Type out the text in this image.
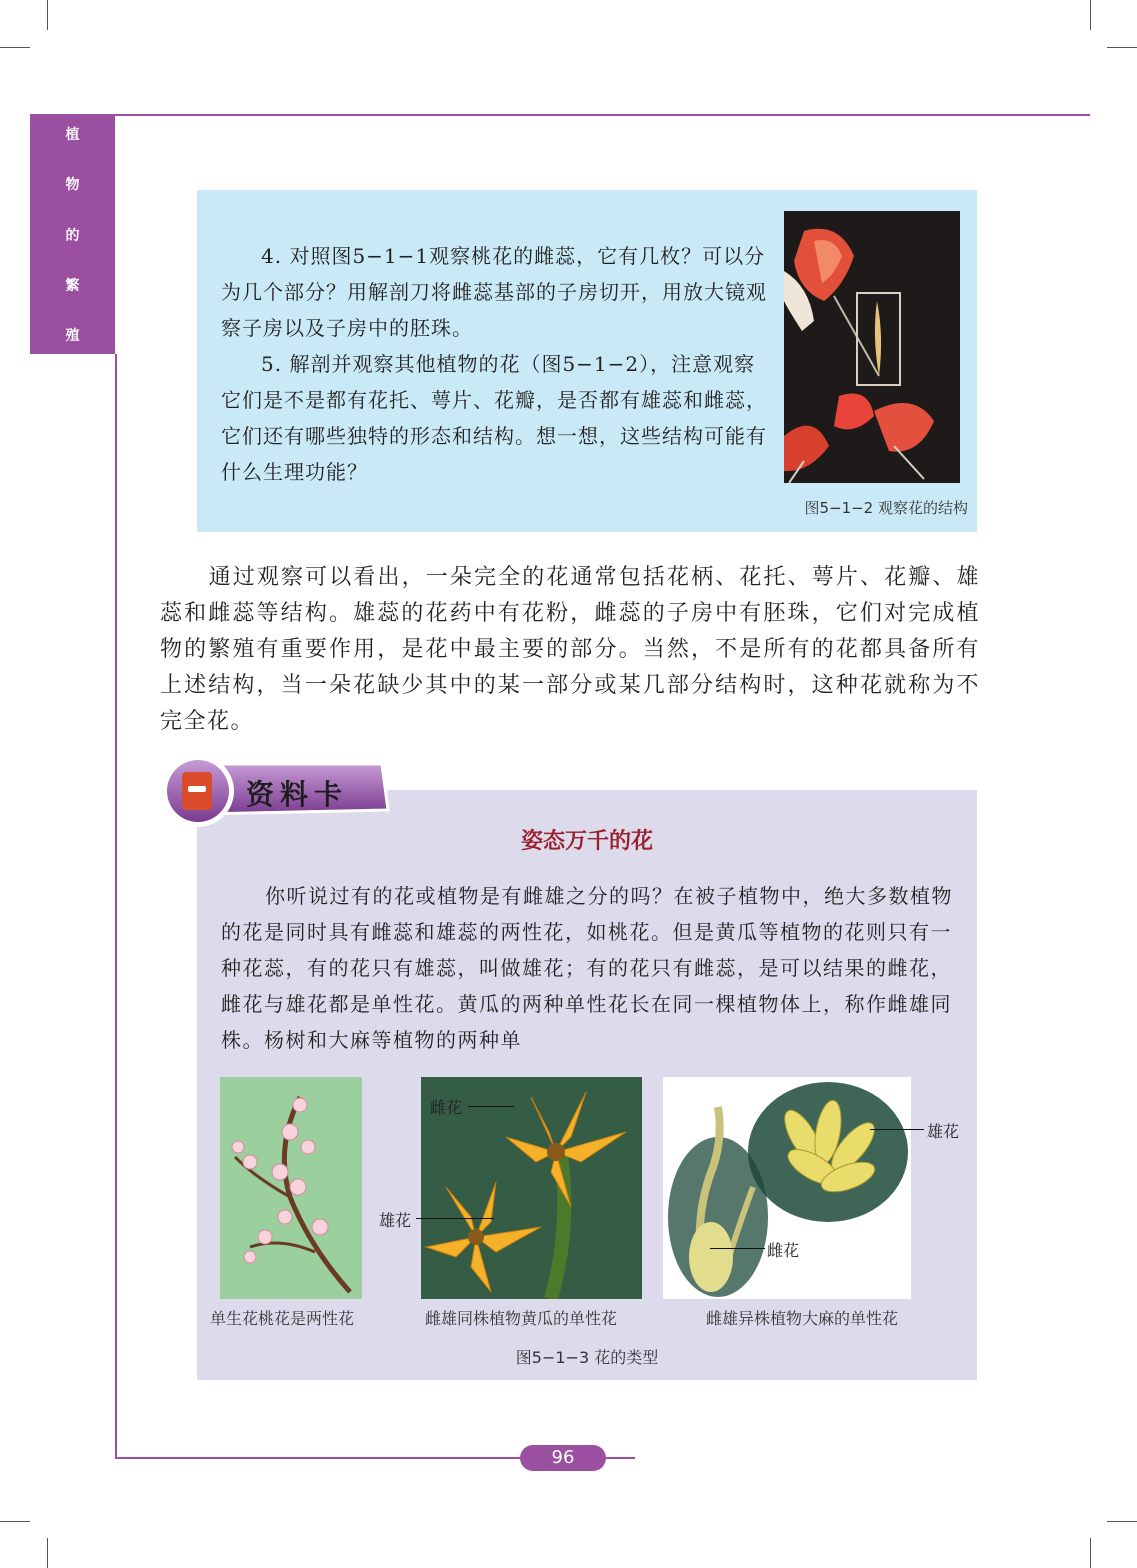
植
物
的
繁
殖
4. 对照图5−1−1观察桃花的雌蕊，它有几枚？可以分为几个部分？用解剖刀将雌蕊基部的子房切开，用放大镜观察子房以及子房中的胚珠。
5. 解剖并观察其他植物的花（图5−1−2），注意观察它们是不是都有花托、萼片、花瓣，是否都有雄蕊和雌蕊，它们还有哪些独特的形态和结构。想一想，这些结构可能有什么生理功能？
图5−1−2 观察花的结构
通过观察可以看出，一朵完全的花通常包括花柄、花托、萼片、花瓣、雄蕊和雌蕊等结构。雄蕊的花药中有花粉，雌蕊的子房中有胚珠，它们对完成植物的繁殖有重要作用，是花中最主要的部分。当然，不是所有的花都具备所有上述结构，当一朵花缺少其中的某一部分或某几部分结构时，这种花就称为不完全花。
资料卡
姿态万千的花
你听说过有的花或植物是有雌雄之分的吗？在被子植物中，绝大多数植物的花是同时具有雌蕊和雄蕊的两性花，如桃花。但是黄瓜等植物的花则只有一种花蕊，有的花只有雄蕊，叫做雄花；有的花只有雌蕊，是可以结果的雌花，雌花与雄花都是单性花。黄瓜的两种单性花长在同一棵植物体上，称作雌雄同株。杨树和大麻等植物的两种单
雌花
雄花
雄花
雌花
单生花桃花是两性花	雌雄同株植物黄瓜的单性花	雌雄异株植物大麻的单性花
图5−1−3 花的类型
96
